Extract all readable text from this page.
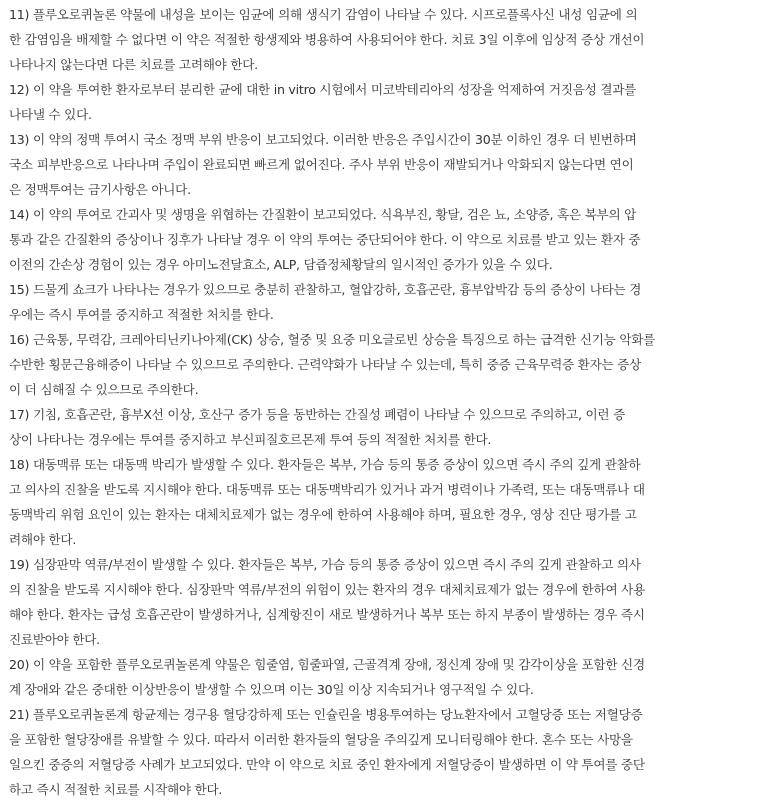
11) 플루오로퀴놀론 약물에 내성을 보이는 임균에 의해 생식기 감염이 나타날 수 있다. 시프로플록사신 내성 임균에 의
한 감염임을 배제할 수 없다면 이 약은 적절한 항생제와 병용하여 사용되어야 한다. 치료 3일 이후에 임상적 증상 개선이
나타나지 않는다면 다른 치료를 고려해야 한다.
12) 이 약을 투여한 환자로부터 분리한 균에 대한 in vitro 시험에서 미코박테리아의 성장을 억제하여 거짓음성 결과를
나타낼 수 있다.
13) 이 약의 정맥 투여시 국소 정맥 부위 반응이 보고되었다. 이러한 반응은 주입시간이 30분 이하인 경우 더 빈번하며
국소 피부반응으로 나타나며 주입이 완료되면 빠르게 없어진다. 주사 부위 반응이 재발되거나 악화되지 않는다면 연이
은 정맥투여는 금기사항은 아니다.
14) 이 약의 투여로 간괴사 및 생명을 위협하는 간질환이 보고되었다. 식욕부진, 황달, 검은 뇨, 소양증, 혹은 복부의 압
통과 같은 간질환의 증상이나 징후가 나타날 경우 이 약의 투여는 중단되어야 한다. 이 약으로 치료를 받고 있는 환자 중
이전의 간손상 경험이 있는 경우 아미노전달효소, ALP, 담즙정체황달의 일시적인 증가가 있을 수 있다.
15) 드물게 쇼크가 나타나는 경우가 있으므로 충분히 관찰하고, 혈압강하, 호흡곤란, 흉부압박감 등의 증상이 나타는 경
우에는 즉시 투여를 중지하고 적절한 처치를 한다.
16) 근육통, 무력감, 크레아티닌키나아제(CK) 상승, 혈중 및 요중 미오글로빈 상승을 특징으로 하는 급격한 신기능 악화를
수반한 횡문근융해증이 나타날 수 있으므로 주의한다. 근력약화가 나타날 수 있는데, 특히 중증 근육무력증 환자는 증상
이 더 심해질 수 있으므로 주의한다.
17) 기침, 호흡곤란, 흉부X선 이상, 호산구 증가 등을 동반하는 간질성 폐렴이 나타날 수 있으므로 주의하고, 이런 증
상이 나타나는 경우에는 투여를 중지하고 부신피질호르몬제 투여 등의 적절한 처치를 한다.
18) 대동맥류 또는 대동맥 박리가 발생할 수 있다. 환자들은 복부, 가슴 등의 통증 증상이 있으면 즉시 주의 깊게 관찰하
고 의사의 진찰을 받도록 지시해야 한다. 대동맥류 또는 대동맥박리가 있거나 과거 병력이나 가족력, 또는 대동맥류나 대
동맥박리 위험 요인이 있는 환자는 대체치료제가 없는 경우에 한하여 사용해야 하며, 필요한 경우, 영상 진단 평가를 고
려해야 한다.
19) 심장판막 역류/부전이 발생할 수 있다. 환자들은 복부, 가슴 등의 통증 증상이 있으면 즉시 주의 깊게 관찰하고 의사
의 진찰을 받도록 지시해야 한다. 심장판막 역류/부전의 위험이 있는 환자의 경우 대체치료제가 없는 경우에 한하여 사용
해야 한다. 환자는 급성 호흡곤란이 발생하거나, 심계항진이 새로 발생하거나 복부 또는 하지 부종이 발생하는 경우 즉시
진료받아야 한다.
20) 이 약을 포함한 플루오로퀴놀론계 약물은 힘줄염, 힘줄파열, 근골격계 장애, 정신계 장애 및 감각이상을 포함한 신경
계 장애와 같은 중대한 이상반응이 발생할 수 있으며 이는 30일 이상 지속되거나 영구적일 수 있다.
21) 플루오로퀴놀론계 항균제는 경구용 혈당강하제 또는 인슐린을 병용투여하는 당뇨환자에서 고혈당증 또는 저혈당증
을 포함한 혈당장애를 유발할 수 있다. 따라서 이러한 환자들의 혈당을 주의깊게 모니터링해야 한다. 혼수 또는 사망을
일으킨 중증의 저혈당증 사례가 보고되었다. 만약 이 약으로 치료 중인 환자에게 저혈당증이 발생하면 이 약 투여를 중단
하고 즉시 적절한 치료를 시작해야 한다.
